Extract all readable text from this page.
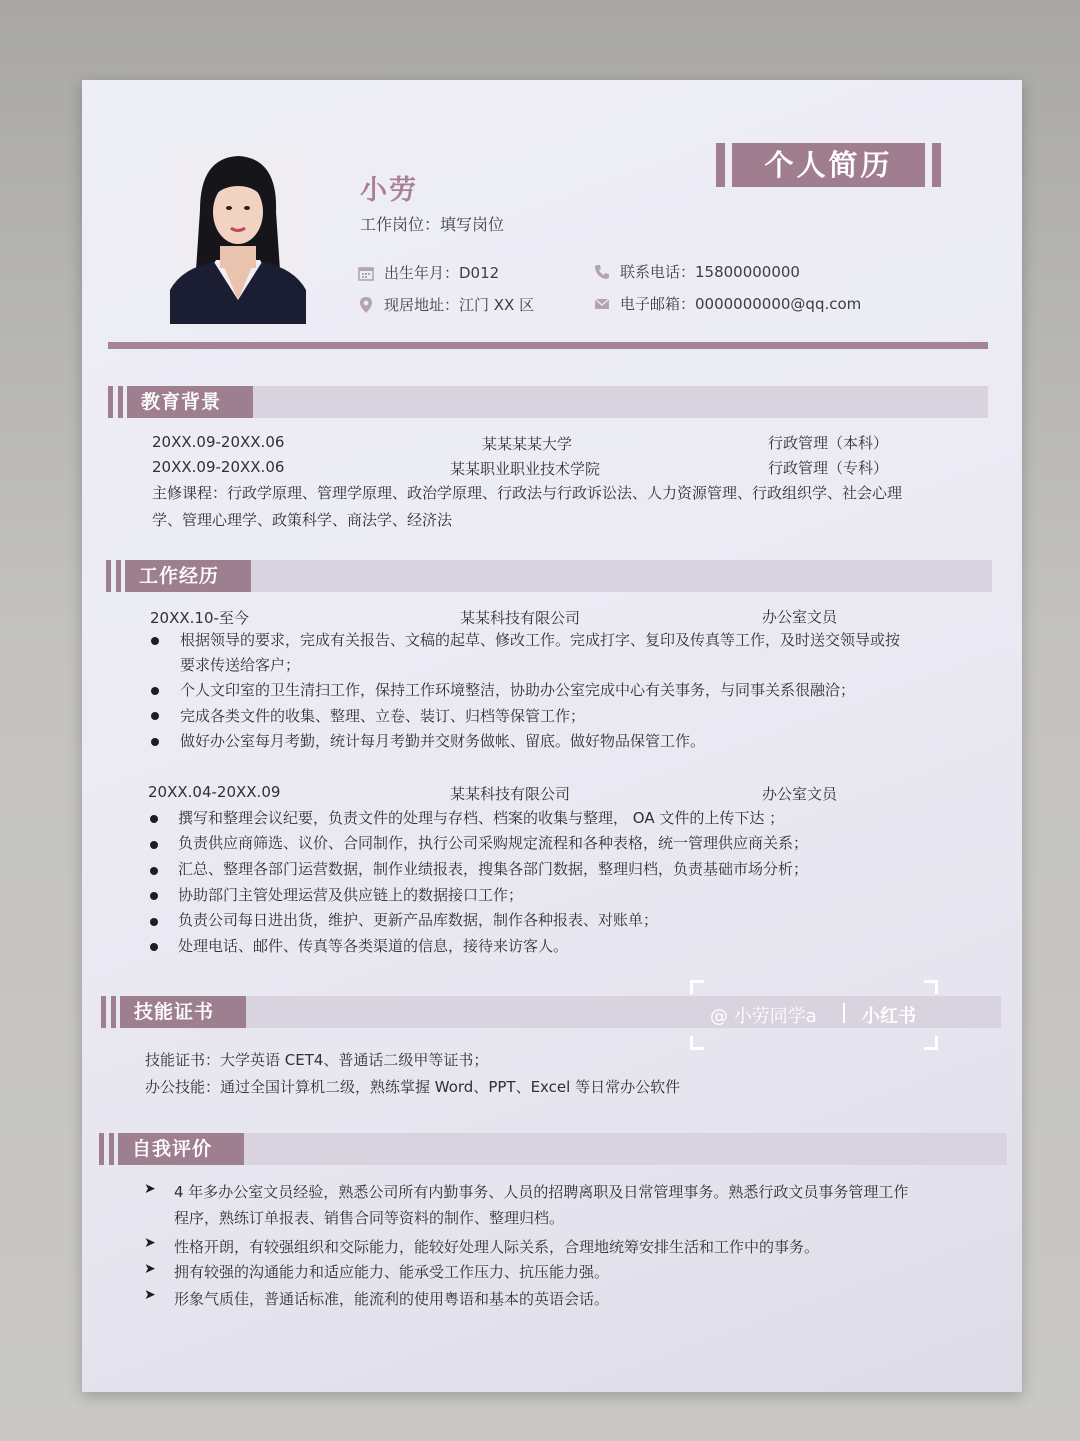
小劳
工作岗位：填写岗位
出生年月：D012
现居地址：江门 XX 区
联系电话：15800000000
电子邮箱：0000000000@qq.com
个人简历
教育背景
20XX.09-20XX.06	某某某某大学	行政管理（本科）
20XX.09-20XX.06	某某职业职业技术学院	行政管理（专科）
主修课程：行政学原理、管理学原理、政治学原理、行政法与行政诉讼法、人力资源管理、行政组织学、社会心理
学、管理心理学、政策科学、商法学、经济法
工作经历
20XX.10-至今	某某科技有限公司	办公室文员
根据领导的要求，完成有关报告、文稿的起草、修改工作。完成打字、复印及传真等工作，及时送交领导或按
要求传送给客户；
个人文印室的卫生清扫工作，保持工作环境整洁，协助办公室完成中心有关事务，与同事关系很融洽；
完成各类文件的收集、整理、立卷、装订、归档等保管工作；
做好办公室每月考勤，统计每月考勤并交财务做帐、留底。做好物品保管工作。
20XX.04-20XX.09	某某科技有限公司	办公室文员
撰写和整理会议纪要，负责文件的处理与存档、档案的收集与整理， OA 文件的上传下达 ；
负责供应商筛选、议价、合同制作，执行公司采购规定流程和各种表格，统一管理供应商关系；
汇总、整理各部门运营数据，制作业绩报表，搜集各部门数据，整理归档，负责基础市场分析；
协助部门主管处理运营及供应链上的数据接口工作；
负责公司每日进出货，维护、更新产品库数据，制作各种报表、对账单；
处理电话、邮件、传真等各类渠道的信息，接待来访客人。
技能证书
技能证书：大学英语 CET4、普通话二级甲等证书；
办公技能：通过全国计算机二级，熟练掌握 Word、PPT、Excel 等日常办公软件
自我评价
➤ 4 年多办公室文员经验，熟悉公司所有内勤事务、人员的招聘离职及日常管理事务。熟悉行政文员事务管理工作
程序，熟练订单报表、销售合同等资料的制作、整理归档。
➤ 性格开朗，有较强组织和交际能力，能较好处理人际关系，合理地统筹安排生活和工作中的事务。
➤ 拥有较强的沟通能力和适应能力、能承受工作压力、抗压能力强。
➤ 形象气质佳，普通话标准，能流利的使用粤语和基本的英语会话。
@ 小劳同学a	小红书
